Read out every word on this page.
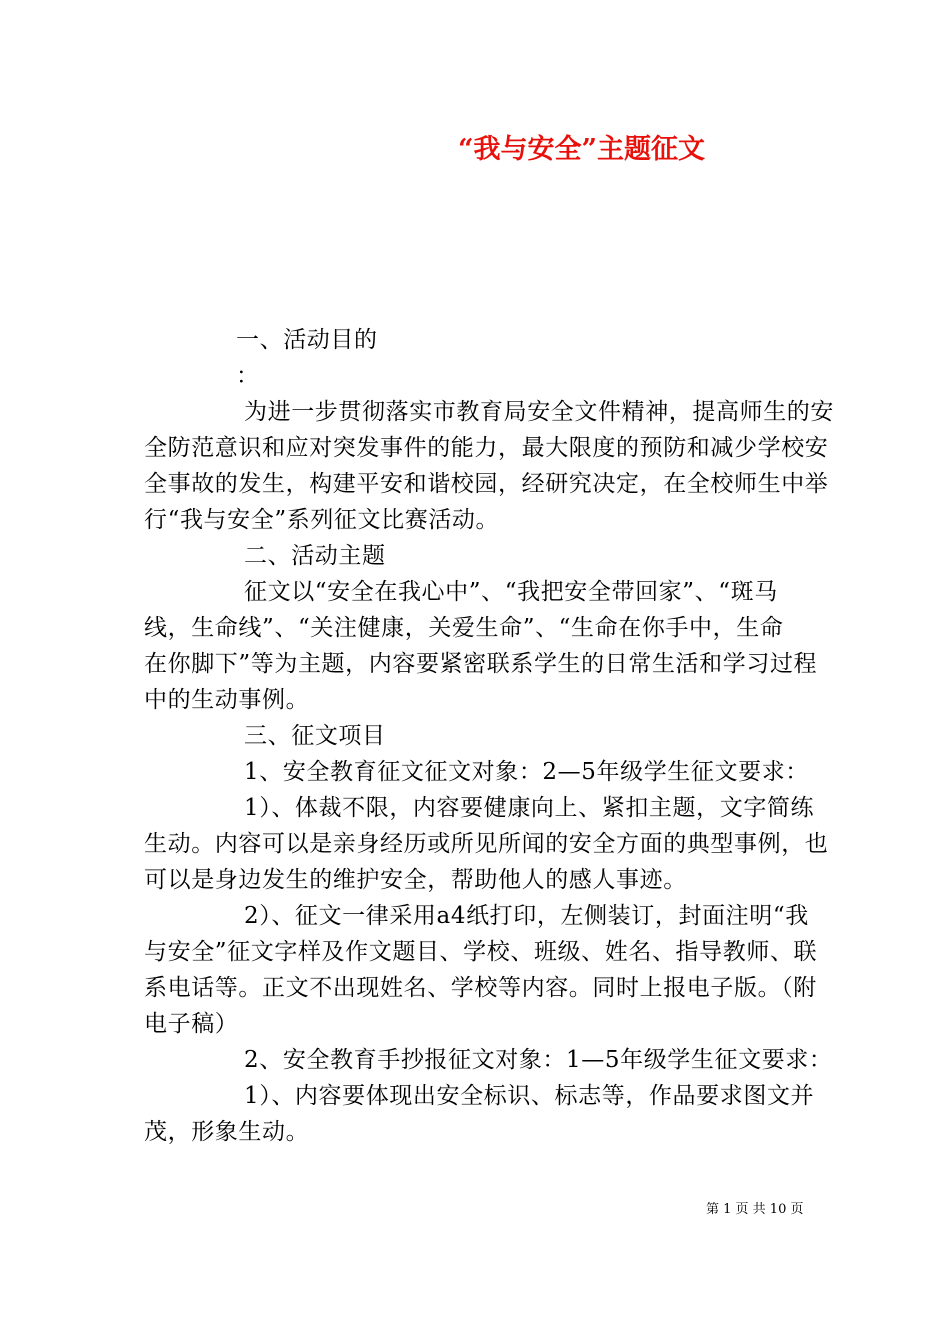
“我与安全”主题征文

一、活动目的

：

为进一步贯彻落实市教育局安全文件精神，提高师生的安

全防范意识和应对突发事件的能力，最大限度的预防和减少学校安

全事故的发生，构建平安和谐校园，经研究决定，在全校师生中举

行“我与安全”系列征文比赛活动。

二、活动主题

征文以“安全在我心中”、“我把安全带回家”、“斑马

线，生命线”、“关注健康，关爱生命”、“生命在你手中，生命

在你脚下”等为主题，内容要紧密联系学生的日常生活和学习过程

中的生动事例。

三、征文项目

1、安全教育征文征文对象：2—5年级学生征文要求：

1）、体裁不限，内容要健康向上、紧扣主题，文字简练

生动。内容可以是亲身经历或所见所闻的安全方面的典型事例，也

可以是身边发生的维护安全，帮助他人的感人事迹。

2）、征文一律采用a4纸打印，左侧装订，封面注明“我

与安全”征文字样及作文题目、学校、班级、姓名、指导教师、联

系电话等。正文不出现姓名、学校等内容。同时上报电子版。（附

电子稿）

2、安全教育手抄报征文对象：1—5年级学生征文要求：

1）、内容要体现出安全标识、标志等，作品要求图文并

茂，形象生动。

第 1 页 共 10 页
